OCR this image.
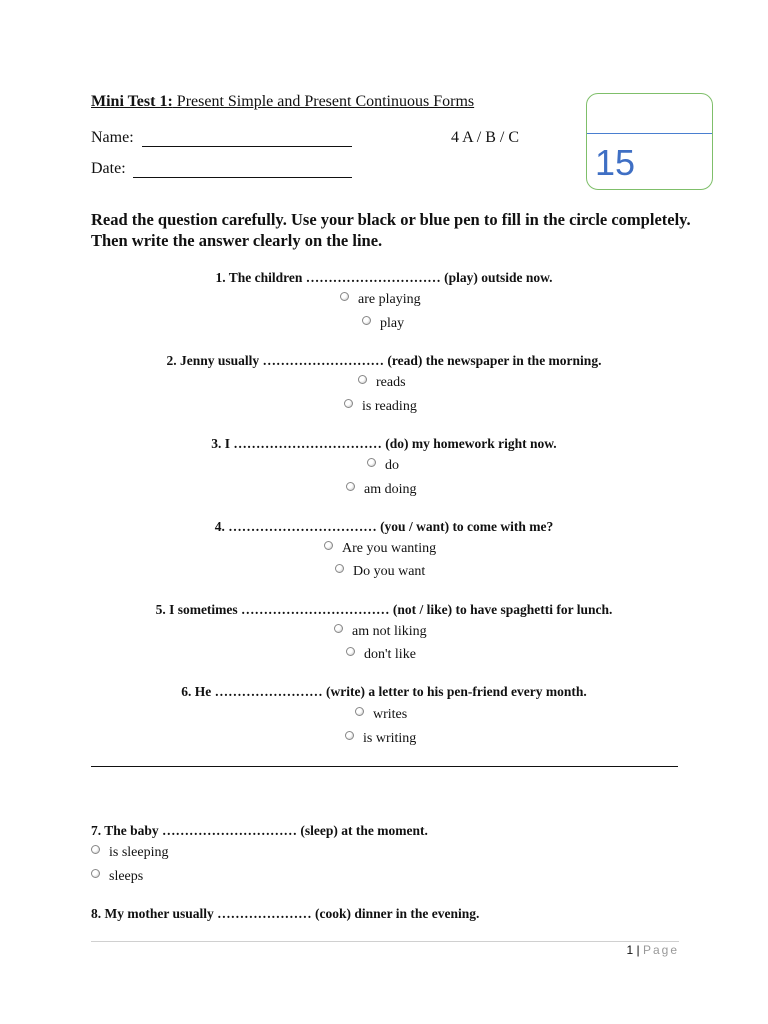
Mini Test 1: Present Simple and Present Continuous Forms
Name:	4 A / B / C
Date:	15
Read the question carefully. Use your black or blue pen to fill in the circle completely. Then write the answer clearly on the line.
1. The children ………………………… (play) outside now.
are playing
play
2. Jenny usually ……………………… (read) the newspaper in the morning.
reads
is reading
3. I …………………………… (do) my homework right now.
do
am doing
4. …………………………… (you / want) to come with me?
Are you wanting
Do you want
5. I sometimes …………………………… (not / like) to have spaghetti for lunch.
am not liking
don't like
6. He …………………… (write) a letter to his pen-friend every month.
writes
is writing
7. The baby ………………………… (sleep) at the moment.
is sleeping
sleeps
8. My mother usually ………………… (cook) dinner in the evening.
1 | Page
